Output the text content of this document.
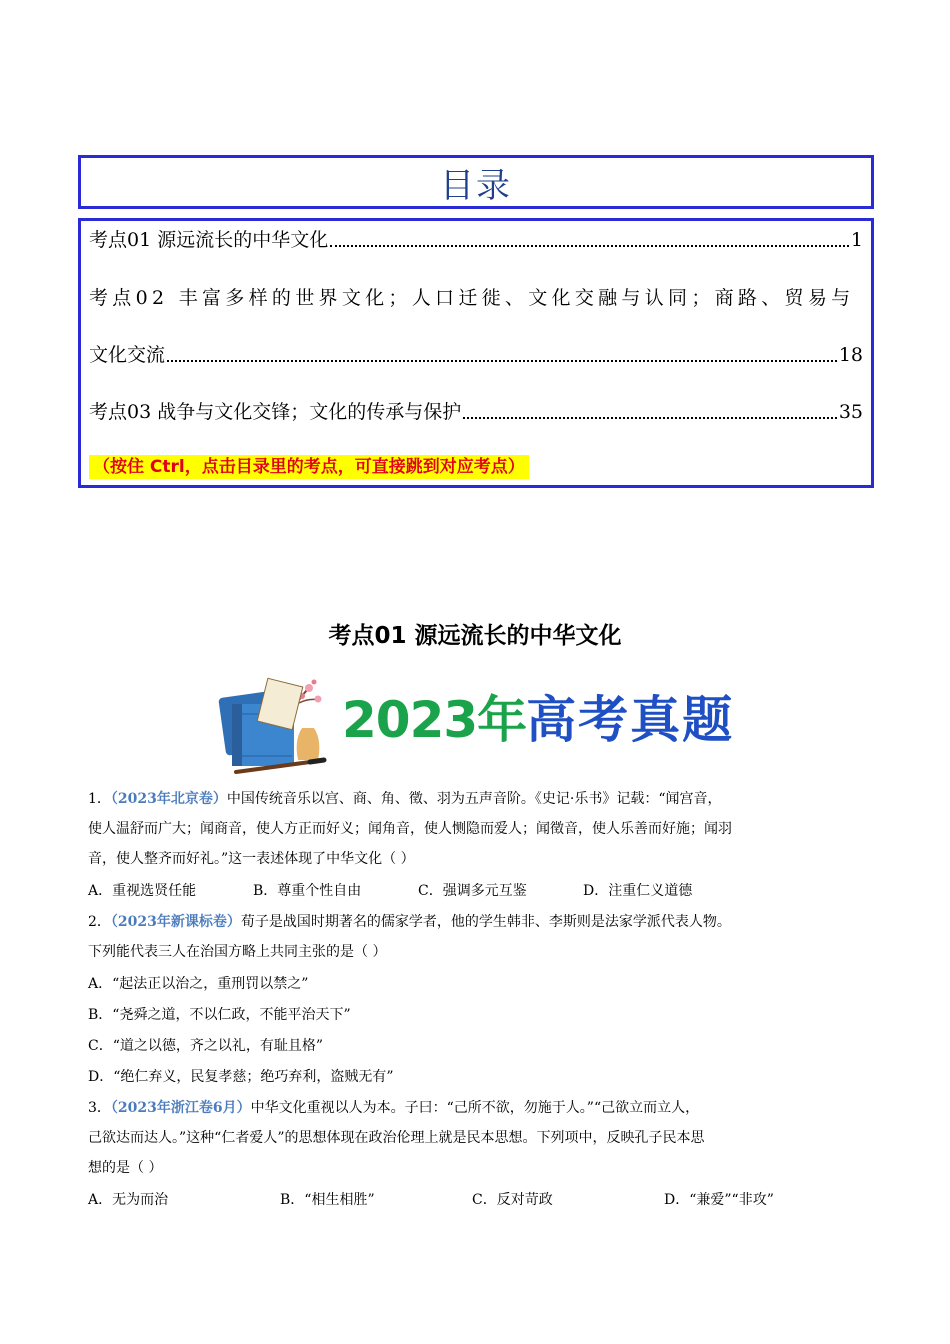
目录
考点01 源远流长的中华文化	1
考点02 丰富多样的世界文化；人口迁徙、文化交融与认同；商路、贸易与
文化交流	18
考点03 战争与文化交锋；文化的传承与保护	35
（按住 Ctrl，点击目录里的考点，可直接跳到对应考点）
考点01 源远流长的中华文化
2023年高考真题
1．（2023年北京卷）中国传统音乐以宫、商、角、徵、羽为五声音阶。《史记·乐书》记载：“闻宫音，
使人温舒而广大；闻商音，使人方正而好义；闻角音，使人恻隐而爱人；闻徵音，使人乐善而好施；闻羽
音，使人整齐而好礼。”这一表述体现了中华文化（ ）
A．重视选贤任能	B．尊重个性自由	C．强调多元互鉴	D．注重仁义道德
2．（2023年新课标卷）荀子是战国时期著名的儒家学者，他的学生韩非、李斯则是法家学派代表人物。
下列能代表三人在治国方略上共同主张的是（ ）
A．“起法正以治之，重刑罚以禁之”
B．“尧舜之道，不以仁政，不能平治天下”
C．“道之以德，齐之以礼，有耻且格”
D．“绝仁弃义，民复孝慈；绝巧弃利，盗贼无有”
3．（2023年浙江卷6月）中华文化重视以人为本。子曰：“己所不欲，勿施于人。”“己欲立而立人，
己欲达而达人。”这种“仁者爱人”的思想体现在政治伦理上就是民本思想。下列项中，反映孔子民本思
想的是（ ）
A．无为而治	B．“相生相胜”	C．反对苛政	D．“兼爱”“非攻”
